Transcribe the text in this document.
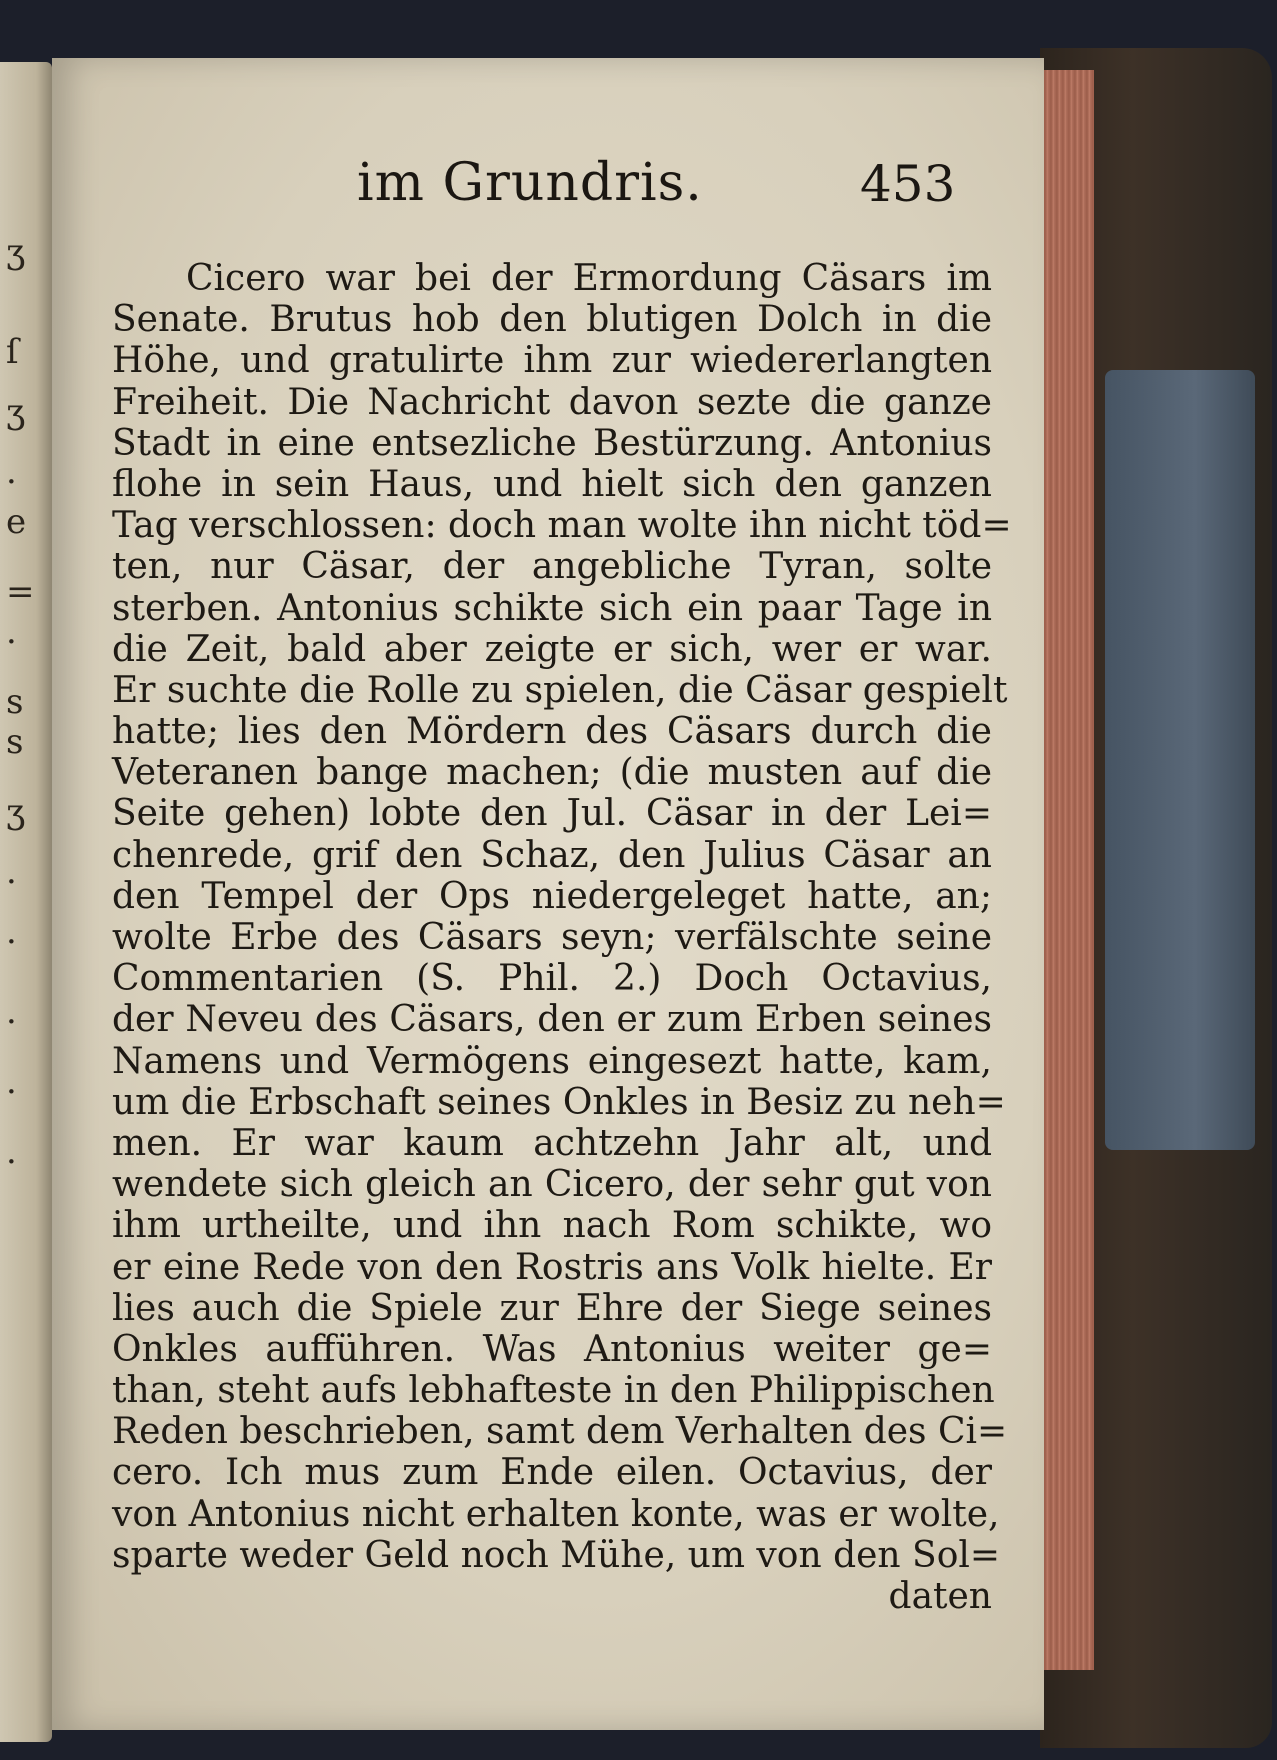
ʒ
ſ
ʒ
·
e
=
·
s
s
ʒ
·
·
·
·
·
im Grundris.	453
Cicero war bei der Ermordung Cäsars im
Senate. Brutus hob den blutigen Dolch in die
Höhe, und gratulirte ihm zur wiedererlangten
Freiheit. Die Nachricht davon sezte die ganze
Stadt in eine entsezliche Bestürzung. Antonius
flohe in sein Haus, und hielt sich den ganzen
Tag verschlossen: doch man wolte ihn nicht töd=
ten, nur Cäsar, der angebliche Tyran, solte
sterben. Antonius schikte sich ein paar Tage in
die Zeit, bald aber zeigte er sich, wer er war.
Er suchte die Rolle zu spielen, die Cäsar gespielt
hatte; lies den Mördern des Cäsars durch die
Veteranen bange machen; (die musten auf die
Seite gehen) lobte den Jul. Cäsar in der Lei=
chenrede, grif den Schaz, den Julius Cäsar an
den Tempel der Ops niedergeleget hatte, an;
wolte Erbe des Cäsars seyn; verfälschte seine
Commentarien (S. Phil. 2.) Doch Octavius,
der Neveu des Cäsars, den er zum Erben seines
Namens und Vermögens eingesezt hatte, kam,
um die Erbschaft seines Onkles in Besiz zu neh=
men. Er war kaum achtzehn Jahr alt, und
wendete sich gleich an Cicero, der sehr gut von
ihm urtheilte, und ihn nach Rom schikte, wo
er eine Rede von den Rostris ans Volk hielte. Er
lies auch die Spiele zur Ehre der Siege seines
Onkles aufführen. Was Antonius weiter ge=
than, steht aufs lebhafteste in den Philippischen
Reden beschrieben, samt dem Verhalten des Ci=
cero. Ich mus zum Ende eilen. Octavius, der
von Antonius nicht erhalten konte, was er wolte,
sparte weder Geld noch Mühe, um von den Sol=
daten
